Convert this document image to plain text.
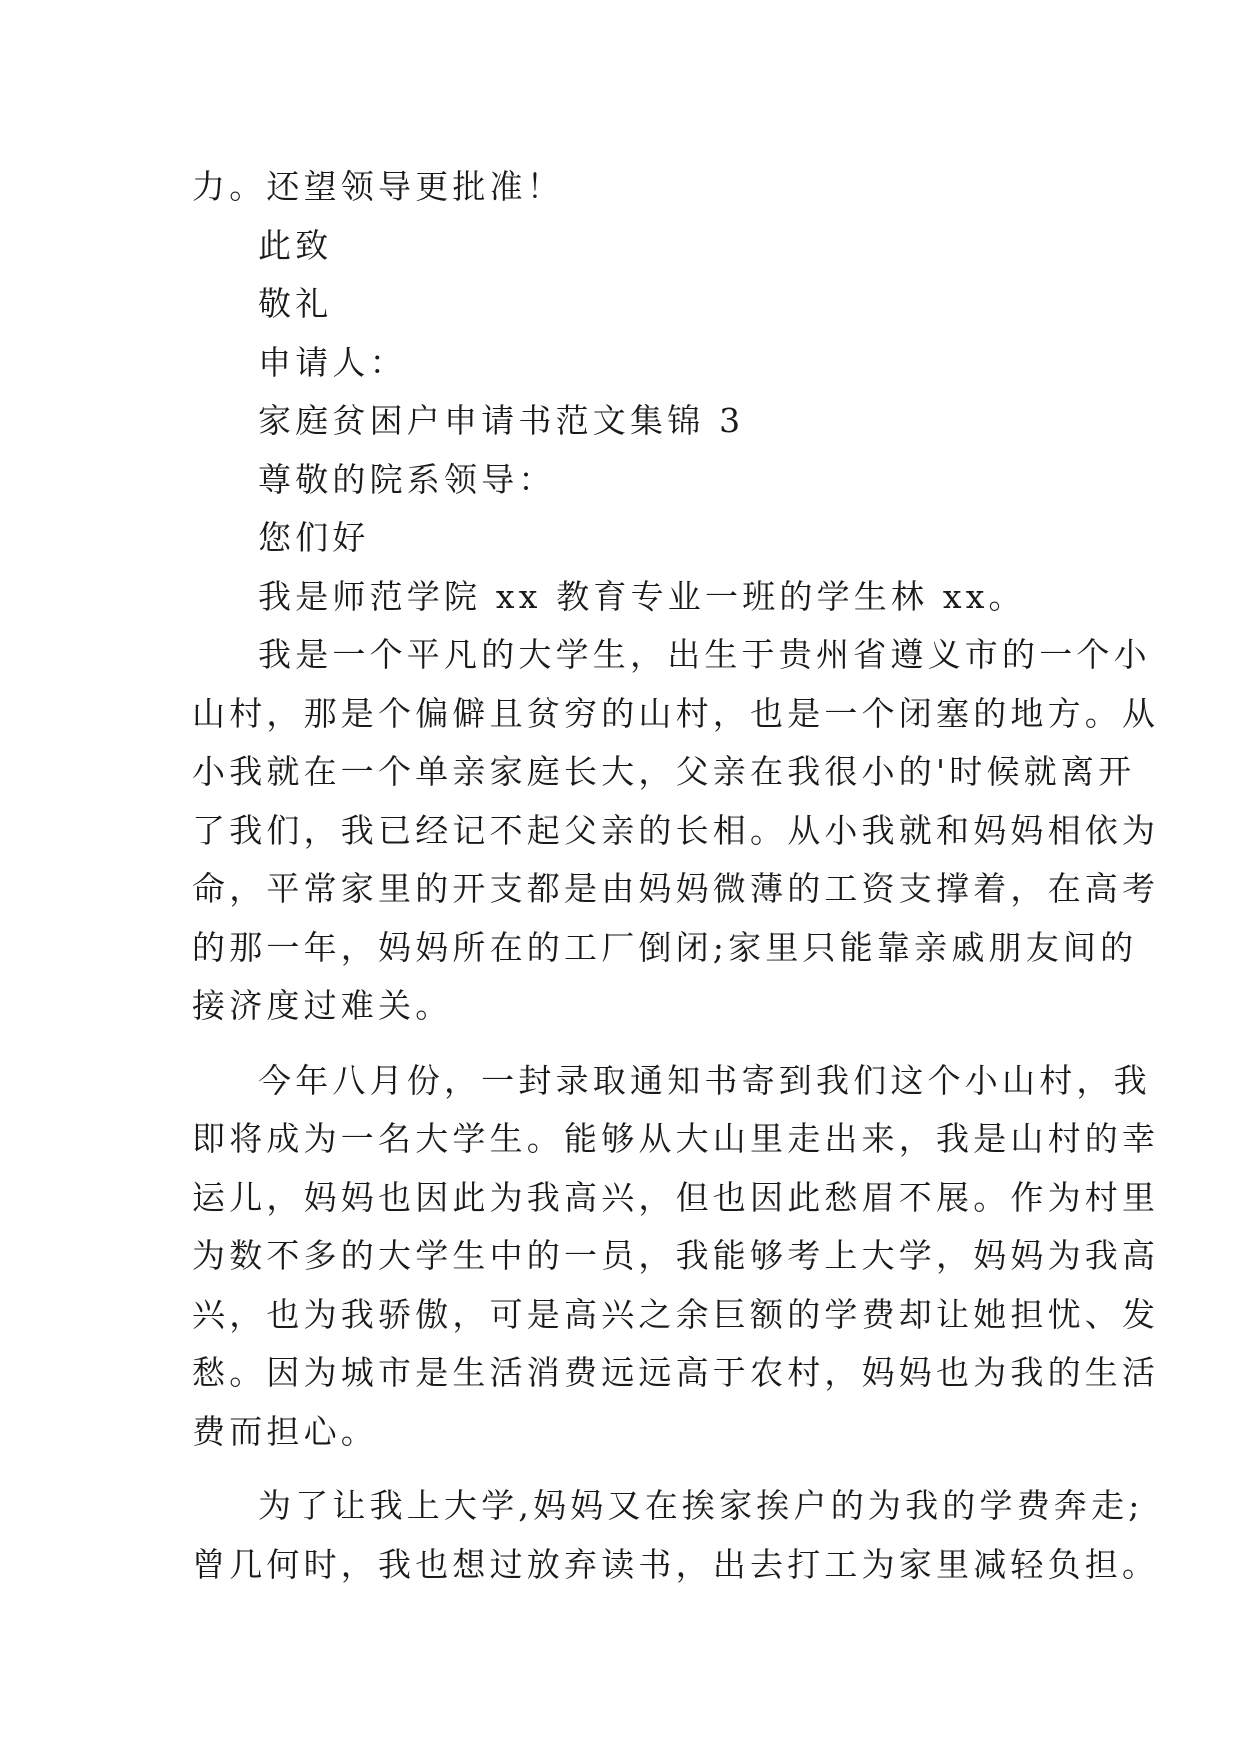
力。还望领导更批准！
此致
敬礼
申请人：
家庭贫困户申请书范文集锦 3
尊敬的院系领导：
您们好
我是师范学院 xx 教育专业一班的学生林 xx。
我是一个平凡的大学生，出生于贵州省遵义市的一个小
山村，那是个偏僻且贫穷的山村，也是一个闭塞的地方。从
小我就在一个单亲家庭长大，父亲在我很小的'时候就离开
了我们，我已经记不起父亲的长相。从小我就和妈妈相依为
命，平常家里的开支都是由妈妈微薄的工资支撑着，在高考
的那一年，妈妈所在的工厂倒闭;家里只能靠亲戚朋友间的
接济度过难关。
今年八月份，一封录取通知书寄到我们这个小山村，我
即将成为一名大学生。能够从大山里走出来，我是山村的幸
运儿，妈妈也因此为我高兴，但也因此愁眉不展。作为村里
为数不多的大学生中的一员，我能够考上大学，妈妈为我高
兴，也为我骄傲，可是高兴之余巨额的学费却让她担忧、发
愁。因为城市是生活消费远远高于农村，妈妈也为我的生活
费而担心。
为了让我上大学,妈妈又在挨家挨户的为我的学费奔走;
曾几何时，我也想过放弃读书，出去打工为家里减轻负担。
